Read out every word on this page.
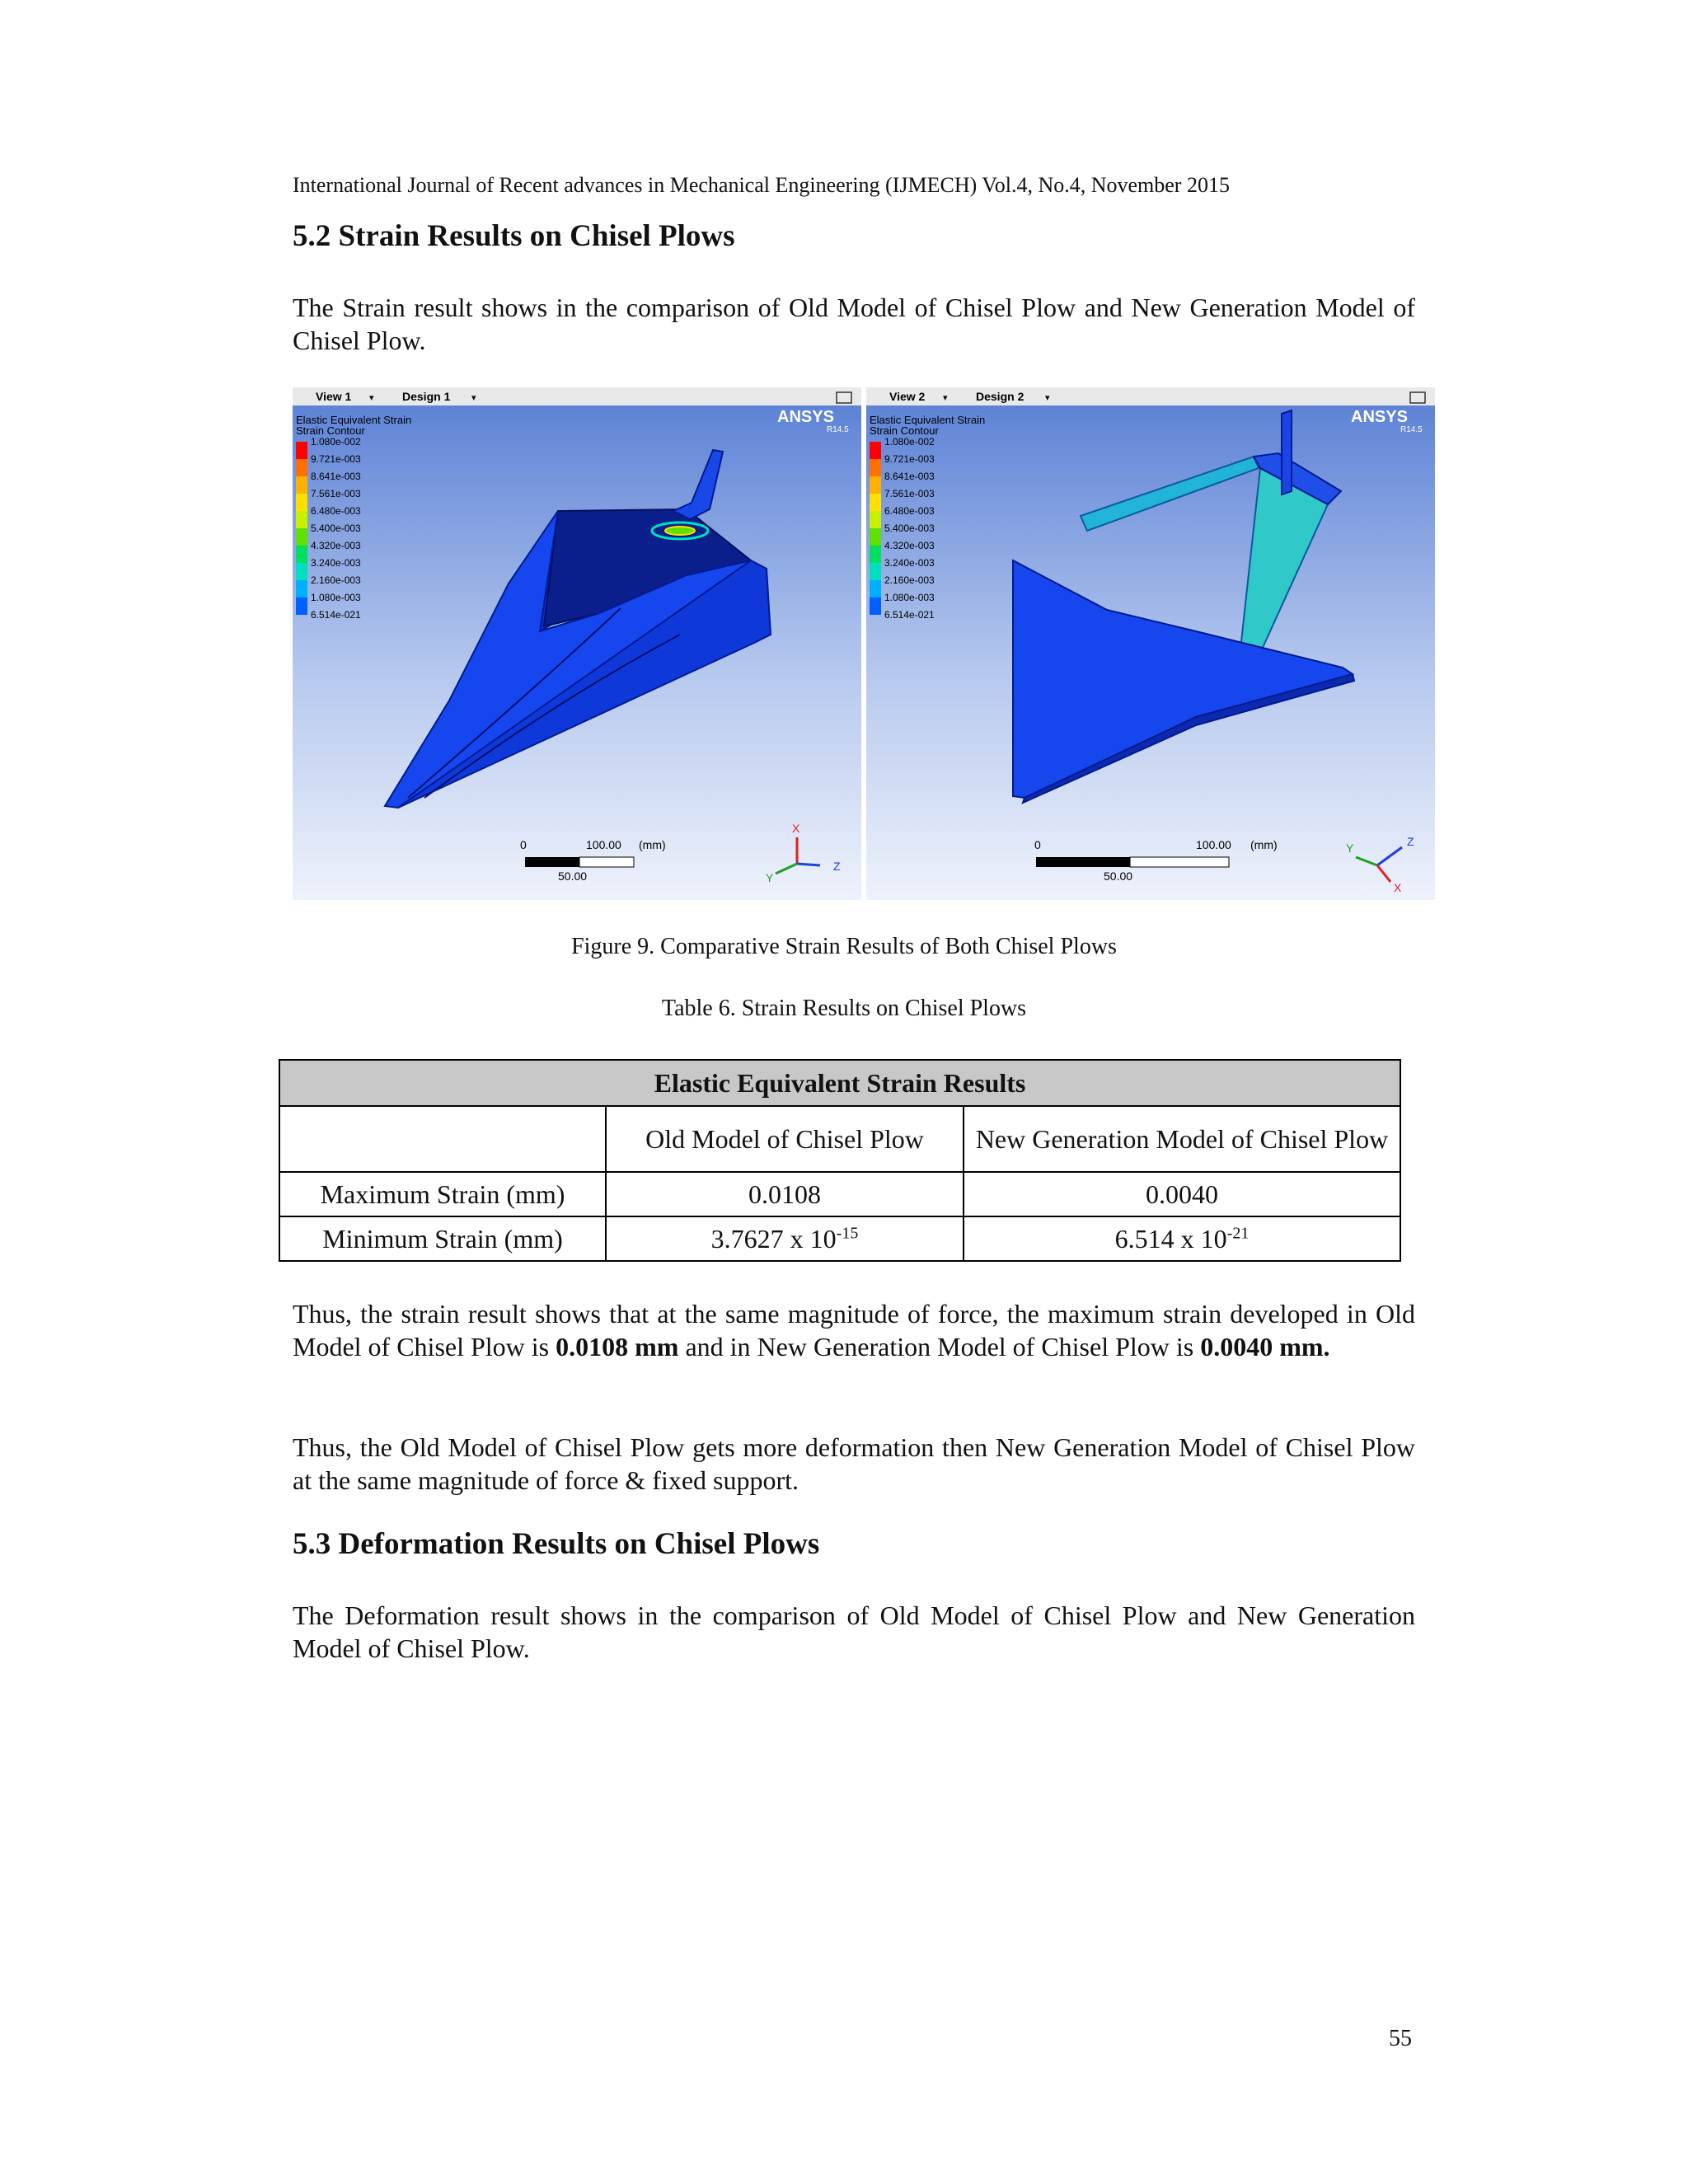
International Journal of Recent advances in Mechanical Engineering (IJMECH) Vol.4, No.4, November 2015
5.2 Strain Results on Chisel Plows
The Strain result shows in the comparison of Old Model of Chisel Plow and New Generation Model of Chisel Plow.
View 1 ▾ Design 1 ▾
ANSYS
R14.5
Elastic Equivalent Strain
Strain Contour
1.080e-002
9.721e-003
8.641e-003
7.561e-003
6.480e-003
5.400e-003
4.320e-003
3.240e-003
2.160e-003
1.080e-003
6.514e-021
0	100.00 (mm)
50.00
X
Y
Z
View 2 ▾ Design 2 ▾
ANSYS
R14.5
Elastic Equivalent Strain
Strain Contour
1.080e-002
9.721e-003
8.641e-003
7.561e-003
6.480e-003
5.400e-003
4.320e-003
3.240e-003
2.160e-003
1.080e-003
6.514e-021
0	100.00 (mm)
50.00
Z
Y
X
Figure 9. Comparative Strain Results of Both Chisel Plows
Table 6. Strain Results on Chisel Plows
Elastic Equivalent Strain Results		
	Old Model of Chisel Plow	New Generation Model of Chisel Plow
Maximum Strain (mm)	0.0108	0.0040
Minimum Strain (mm)	3.7627 x $10^{-15}$	6.514 x $10^{-21}$
Thus, the strain result shows that at the same magnitude of force, the maximum strain developed in Old Model of Chisel Plow is 0.0108 mm and in New Generation Model of Chisel Plow is 0.0040 mm.
Thus, the Old Model of Chisel Plow gets more deformation then New Generation Model of Chisel Plow at the same magnitude of force & fixed support.
5.3 Deformation Results on Chisel Plows
The Deformation result shows in the comparison of Old Model of Chisel Plow and New Generation Model of Chisel Plow.
55
